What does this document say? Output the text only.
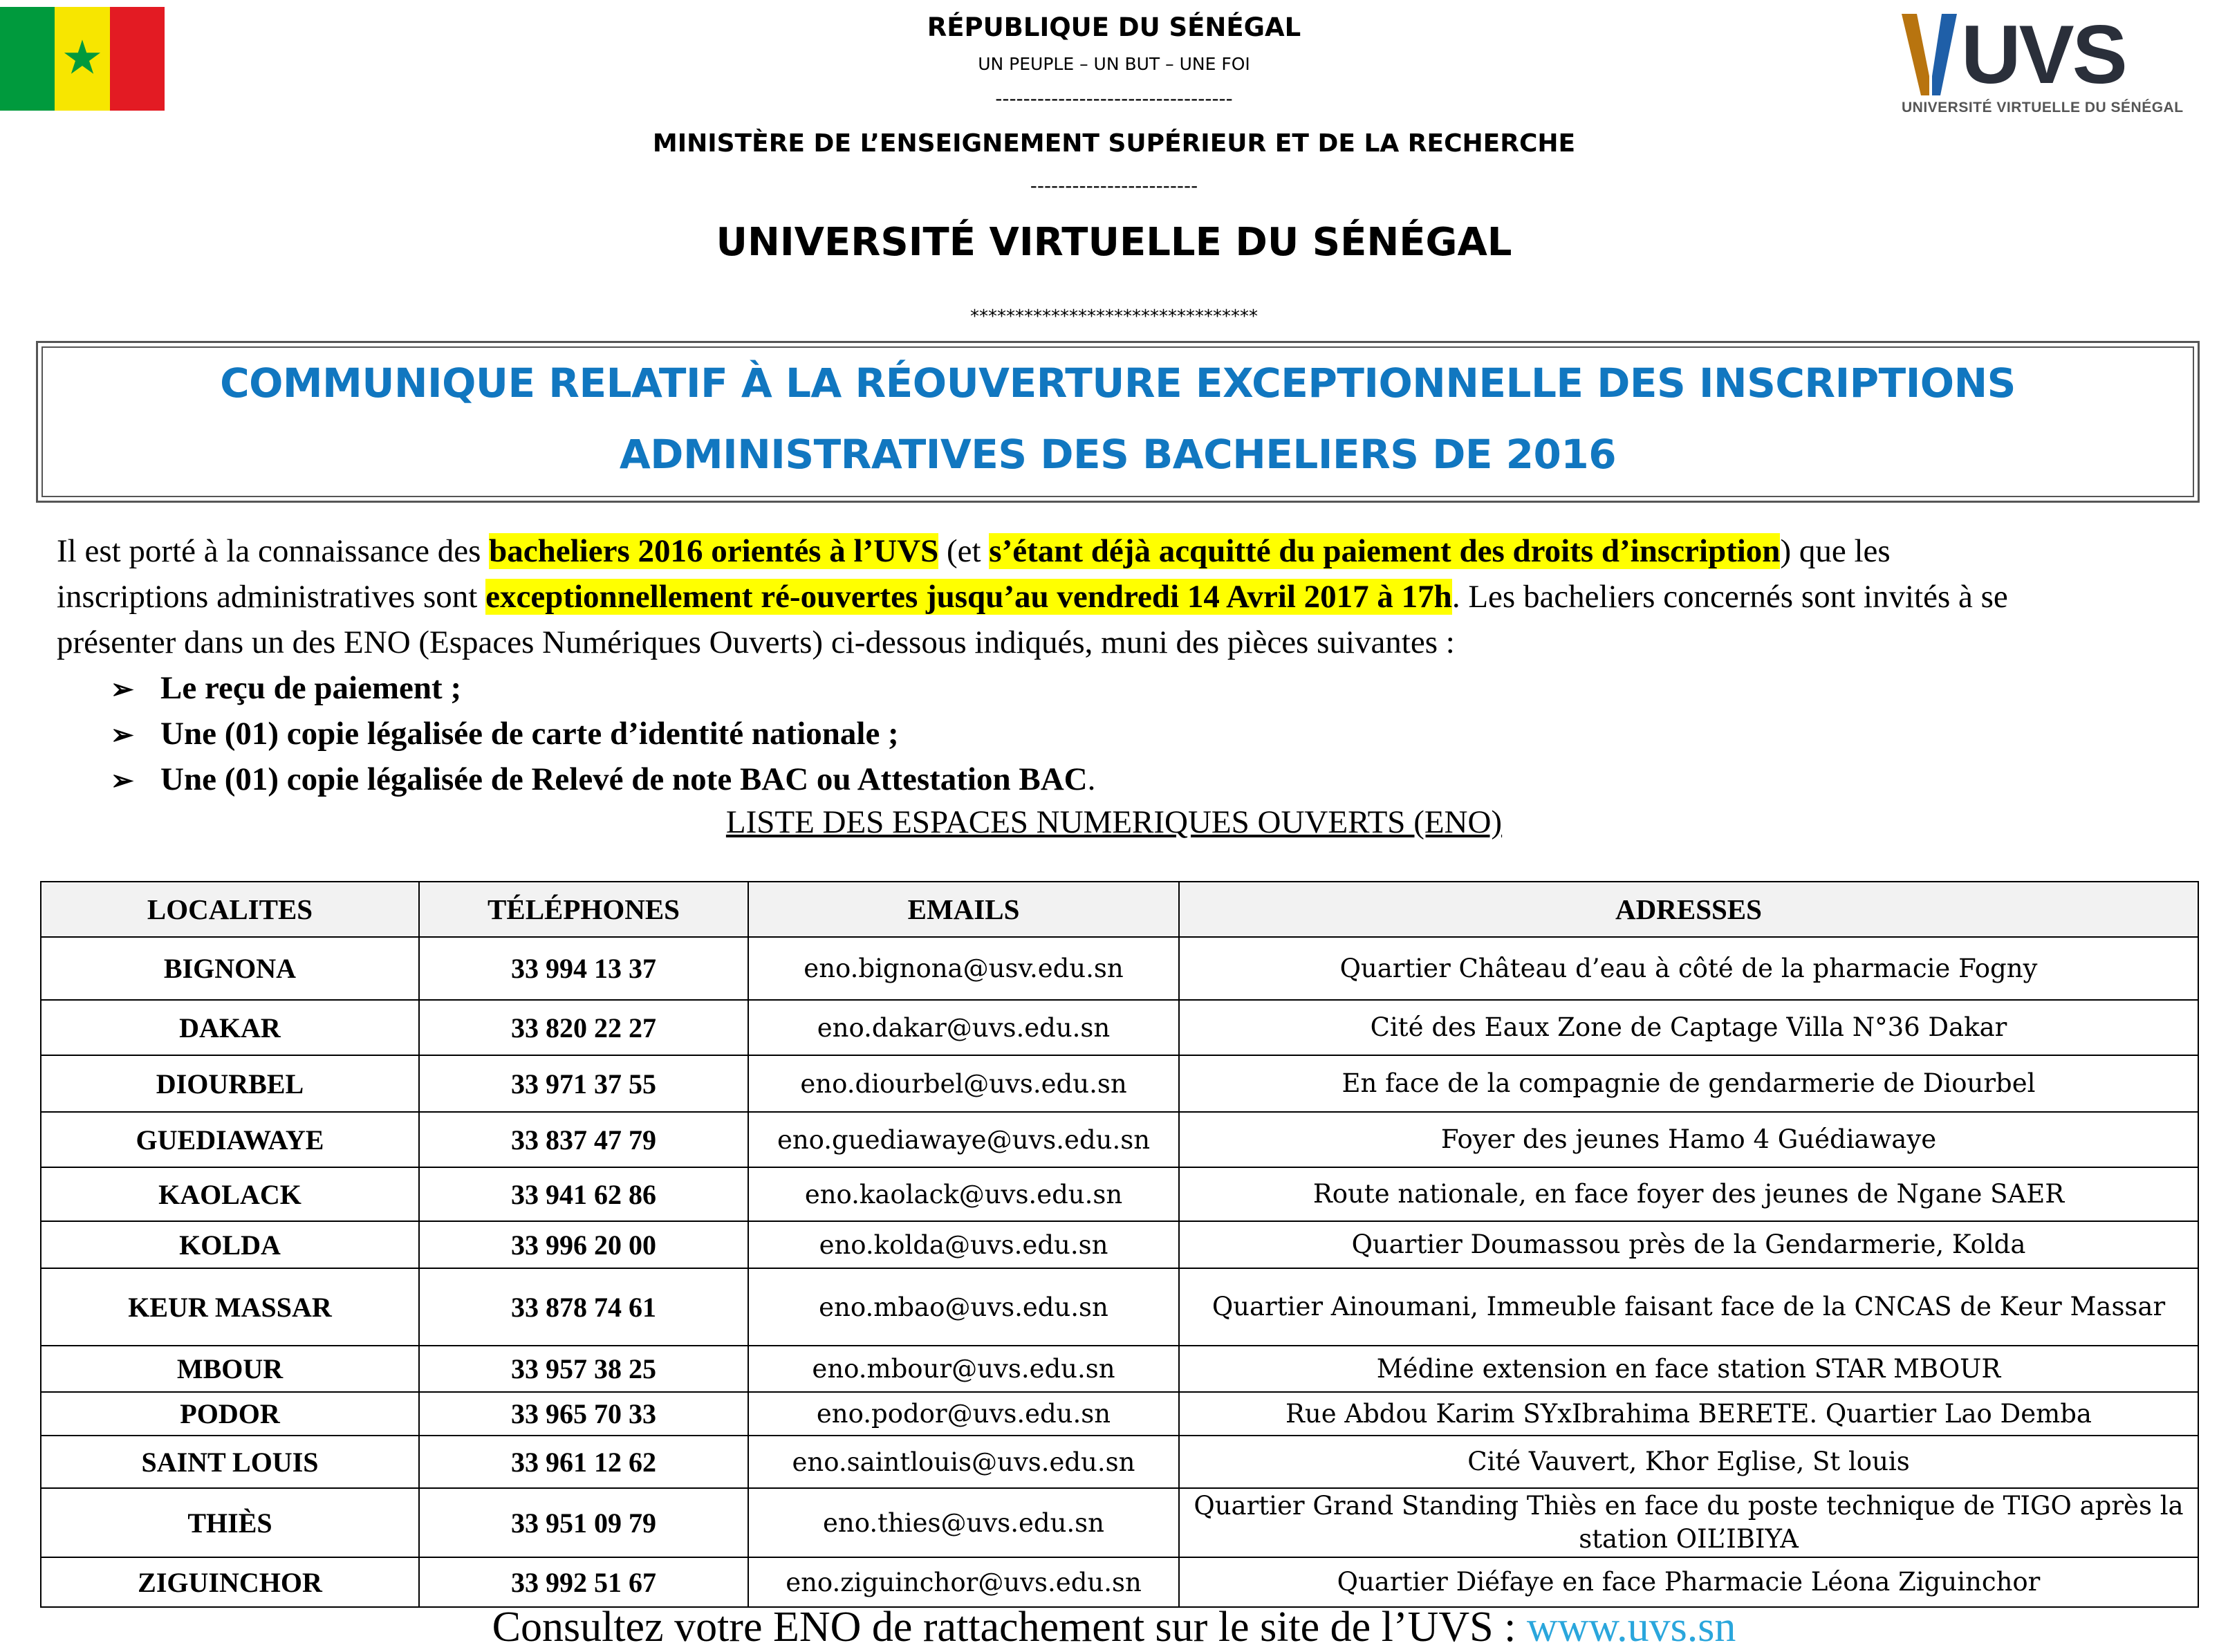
★
RÉPUBLIQUE DU SÉNÉGAL
UN PEUPLE – UN BUT – UNE FOI
----------------------------------
MINISTÈRE DE L’ENSEIGNEMENT SUPÉRIEUR ET DE LA RECHERCHE
------------------------
UNIVERSITÉ VIRTUELLE DU SÉNÉGAL
********************************
UVS
UNIVERSITÉ VIRTUELLE DU SÉNÉGAL
COMMUNIQUE RELATIF À LA RÉOUVERTURE EXCEPTIONNELLE DES INSCRIPTIONS
ADMINISTRATIVES DES BACHELIERS DE 2016
Il est porté à la connaissance des bacheliers 2016 orientés à l’UVS (et s’étant déjà acquitté du paiement des droits d’inscription) que les
inscriptions administratives sont exceptionnellement ré-ouvertes jusqu’au vendredi 14 Avril 2017 à 17h. Les bacheliers concernés sont invités à se
présenter dans un des ENO (Espaces Numériques Ouverts) ci-dessous indiqués, muni des pièces suivantes :
➢ Le reçu de paiement ;
➢ Une (01) copie légalisée de carte d’identité nationale ;
➢ Une (01) copie légalisée de Relevé de note BAC ou Attestation BAC.
LISTE DES ESPACES NUMERIQUES OUVERTS (ENO)
LOCALITES	TÉLÉPHONES	EMAILS	ADRESSES
BIGNONA	33 994 13 37	eno.bignona@usv.edu.sn	Quartier Château d’eau à côté de la pharmacie Fogny
DAKAR	33 820 22 27	eno.dakar@uvs.edu.sn	Cité des Eaux Zone de Captage Villa N°36 Dakar
DIOURBEL	33 971 37 55	eno.diourbel@uvs.edu.sn	En face de la compagnie de gendarmerie de Diourbel
GUEDIAWAYE	33 837 47 79	eno.guediawaye@uvs.edu.sn	Foyer des jeunes Hamo 4 Guédiawaye
KAOLACK	33 941 62 86	eno.kaolack@uvs.edu.sn	Route nationale, en face foyer des jeunes de Ngane SAER
KOLDA	33 996 20 00	eno.kolda@uvs.edu.sn	Quartier Doumassou près de la Gendarmerie, Kolda
KEUR MASSAR	33 878 74 61	eno.mbao@uvs.edu.sn	Quartier Ainoumani, Immeuble faisant face de la CNCAS de Keur Massar
MBOUR	33 957 38 25	eno.mbour@uvs.edu.sn	Médine extension en face station STAR MBOUR
PODOR	33 965 70 33	eno.podor@uvs.edu.sn	Rue Abdou Karim SYxIbrahima BERETE. Quartier Lao Demba
SAINT LOUIS	33 961 12 62	eno.saintlouis@uvs.edu.sn	Cité Vauvert, Khor Eglise, St louis
THIÈS	33 951 09 79	eno.thies@uvs.edu.sn	Quartier Grand Standing Thiès en face du poste technique de TIGO après la station OIL’IBIYA
ZIGUINCHOR	33 992 51 67	eno.ziguinchor@uvs.edu.sn	Quartier Diéfaye en face Pharmacie Léona Ziguinchor
Consultez votre ENO de rattachement sur le site de l’UVS : www.uvs.sn
